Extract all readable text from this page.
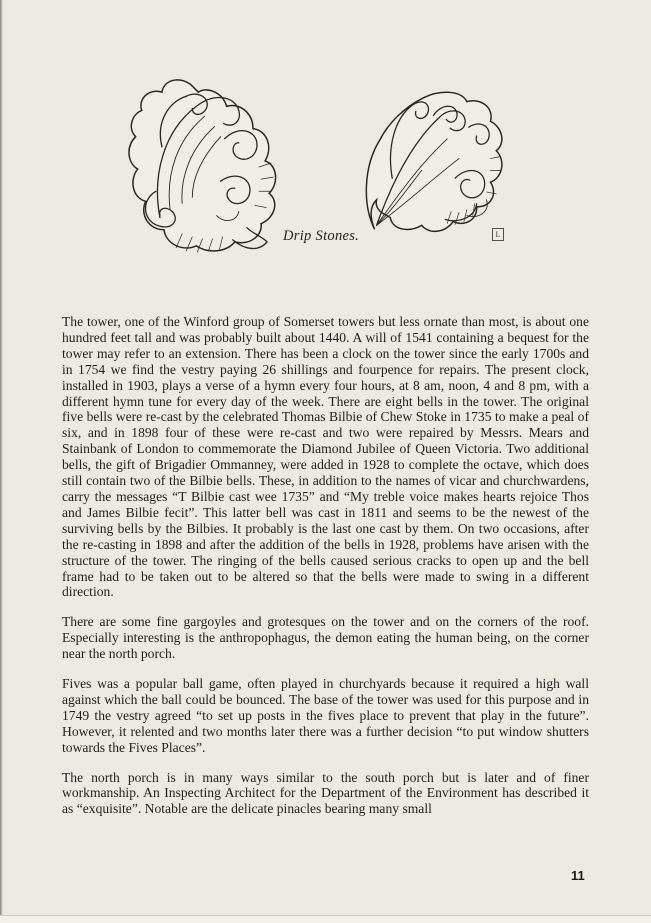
Drip Stones.	L

The tower, one of the Winford group of Somerset towers but less ornate than most, is about one hundred feet tall and was probably built about 1440. A will of 1541 containing a bequest for the tower may refer to an extension. There has been a clock on the tower since the early 1700s and in 1754 we find the vestry paying 26 shillings and fourpence for repairs. The present clock, installed in 1903, plays a verse of a hymn every four hours, at 8 am, noon, 4 and 8 pm, with a different hymn tune for every day of the week. There are eight bells in the tower. The original five bells were re-cast by the celebrated Thomas Bilbie of Chew Stoke in 1735 to make a peal of six, and in 1898 four of these were re-cast and two were repaired by Messrs. Mears and Stainbank of London to commemorate the Diamond Jubilee of Queen Victoria. Two additional bells, the gift of Brigadier Ommanney, were added in 1928 to complete the octave, which does still contain two of the Bilbie bells. These, in addition to the names of vicar and churchwardens, carry the messages “T Bilbie cast wee 1735” and “My treble voice makes hearts rejoice Thos and James Bilbie fecit”. This latter bell was cast in 1811 and seems to be the newest of the surviving bells by the Bilbies. It probably is the last one cast by them. On two occasions, after the re-casting in 1898 and after the addition of the bells in 1928, problems have arisen with the structure of the tower. The ringing of the bells caused serious cracks to open up and the bell frame had to be taken out to be altered so that the bells were made to swing in a different direction.

There are some fine gargoyles and grotesques on the tower and on the corners of the roof. Especially interesting is the anthropophagus, the demon eating the human being, on the corner near the north porch.

Fives was a popular ball game, often played in churchyards because it required a high wall against which the ball could be bounced. The base of the tower was used for this purpose and in 1749 the vestry agreed “to set up posts in the fives place to prevent that play in the future”. However, it relented and two months later there was a further decision “to put window shutters towards the Fives Places”.

The north porch is in many ways similar to the south porch but is later and of finer workmanship. An Inspecting Architect for the Department of the Environment has described it as “exquisite”. Notable are the delicate pinacles bearing many small

11
